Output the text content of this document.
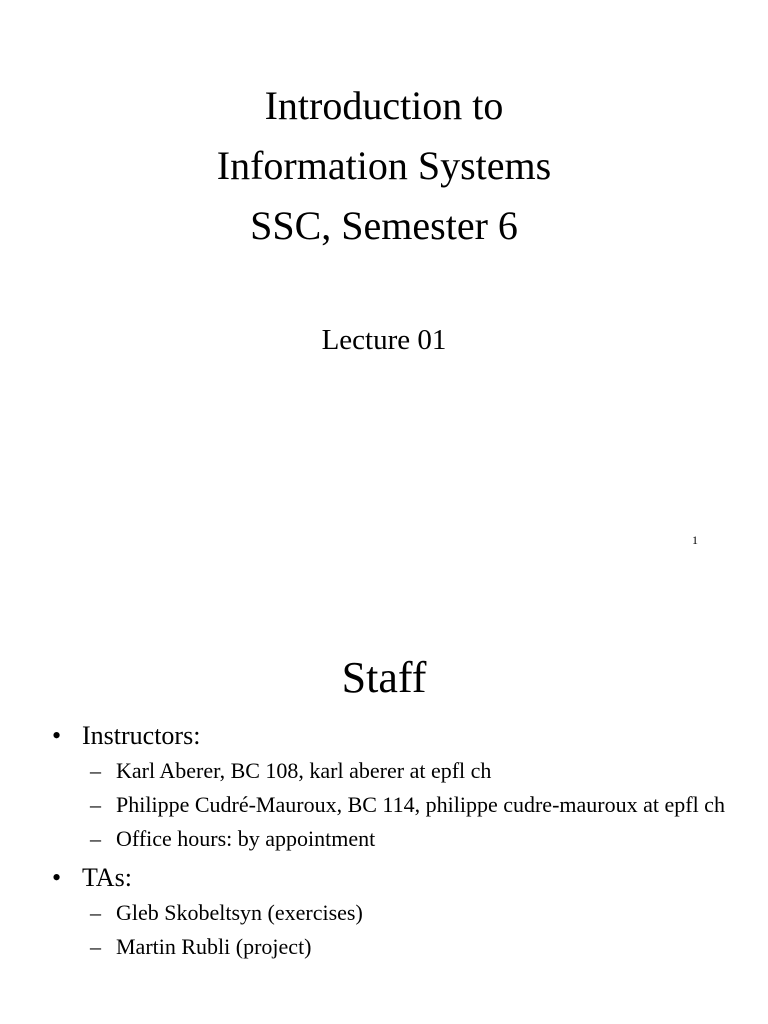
Introduction to
Information Systems
SSC, Semester 6
Lecture 01
1
Staff
• Instructors:
– Karl Aberer, BC 108, karl aberer at epfl ch
– Philippe Cudré-Mauroux, BC 114, philippe cudre-mauroux at epfl ch
– Office hours: by appointment
• TAs:
– Gleb Skobeltsyn (exercises)
– Martin Rubli (project)
